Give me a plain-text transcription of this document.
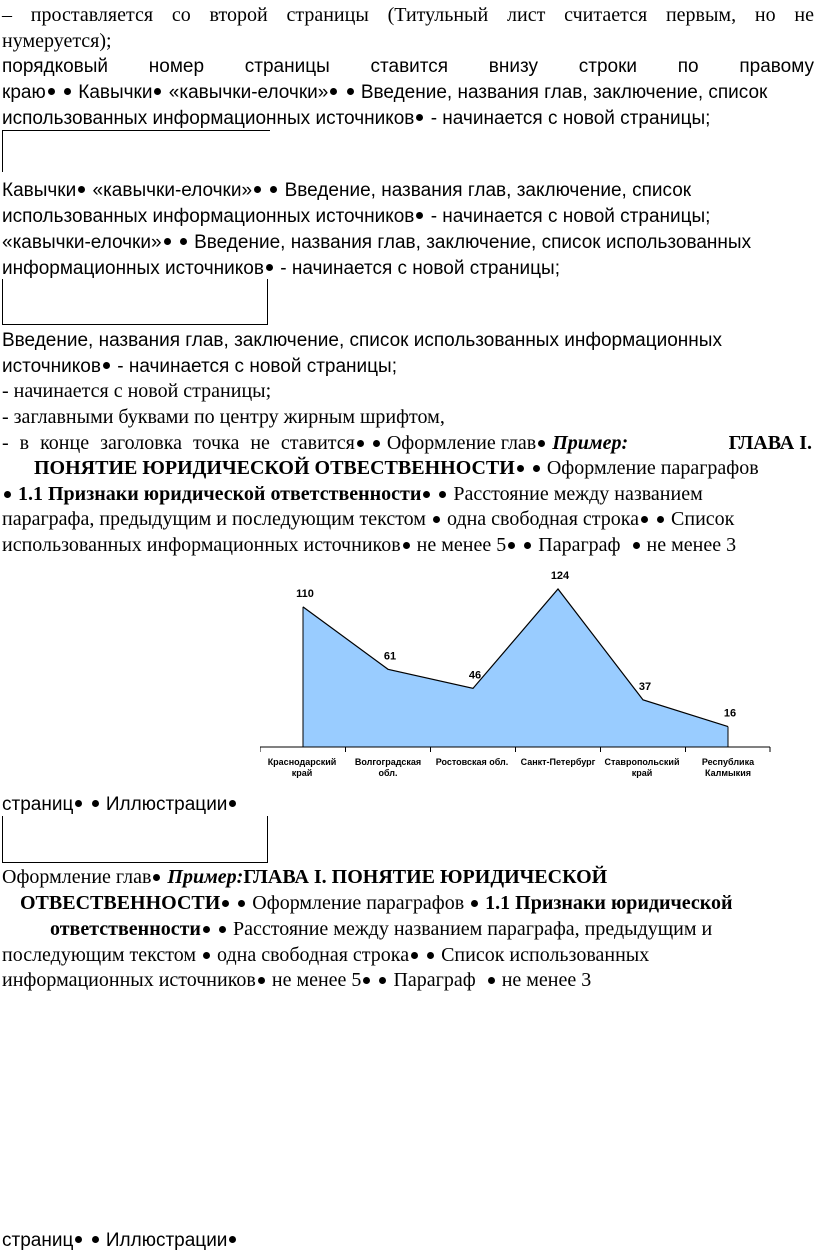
– проставляется со второй страницы (Титульный лист считается первым, но не
нумеруется);
порядковый номер страницы ставится внизу строки по правому
краю Кавычки «кавычки-елочки» Введение, названия глав, заключение, список
использованных информационных источников - начинается с новой страницы;
Кавычки «кавычки-елочки» Введение, названия глав, заключение, список
использованных информационных источников - начинается с новой страницы;
«кавычки-елочки» Введение, названия глав, заключение, список использованных
информационных источников - начинается с новой страницы;
Введение, названия глав, заключение, список использованных информационных
источников - начинается с новой страницы;
- начинается с новой страницы;
- заглавными буквами по центру жирным шрифтом,
- в конце заголовка точка не ставится Оформление глав Пример:	ГЛАВА I.
ПОНЯТИЕ ЮРИДИЧЕСКОЙ ОТВЕСТВЕННОСТИ Оформление параграфов
1.1 Признаки юридической ответственности Расстояние между названием
параграфа, предыдущим и последующим текстом одна свободная строка Список
использованных информационных источников не менее 5 Параграф не менее 3
110
61
46
124
37
16
Краснодарский
край
Волгоградская
обл.
Ростовская обл. Санкт-Петербург Ставропольский
край
Республика
Калмыкия
страниц Иллюстрации
Оформление глав Пример:ГЛАВА I. ПОНЯТИЕ ЮРИДИЧЕСКОЙ
ОТВЕСТВЕННОСТИ Оформление параграфов 1.1 Признаки юридической
ответственности Расстояние между названием параграфа, предыдущим и
последующим текстом одна свободная строка Список использованных
информационных источников не менее 5 Параграф не менее 3
страниц Иллюстрации
